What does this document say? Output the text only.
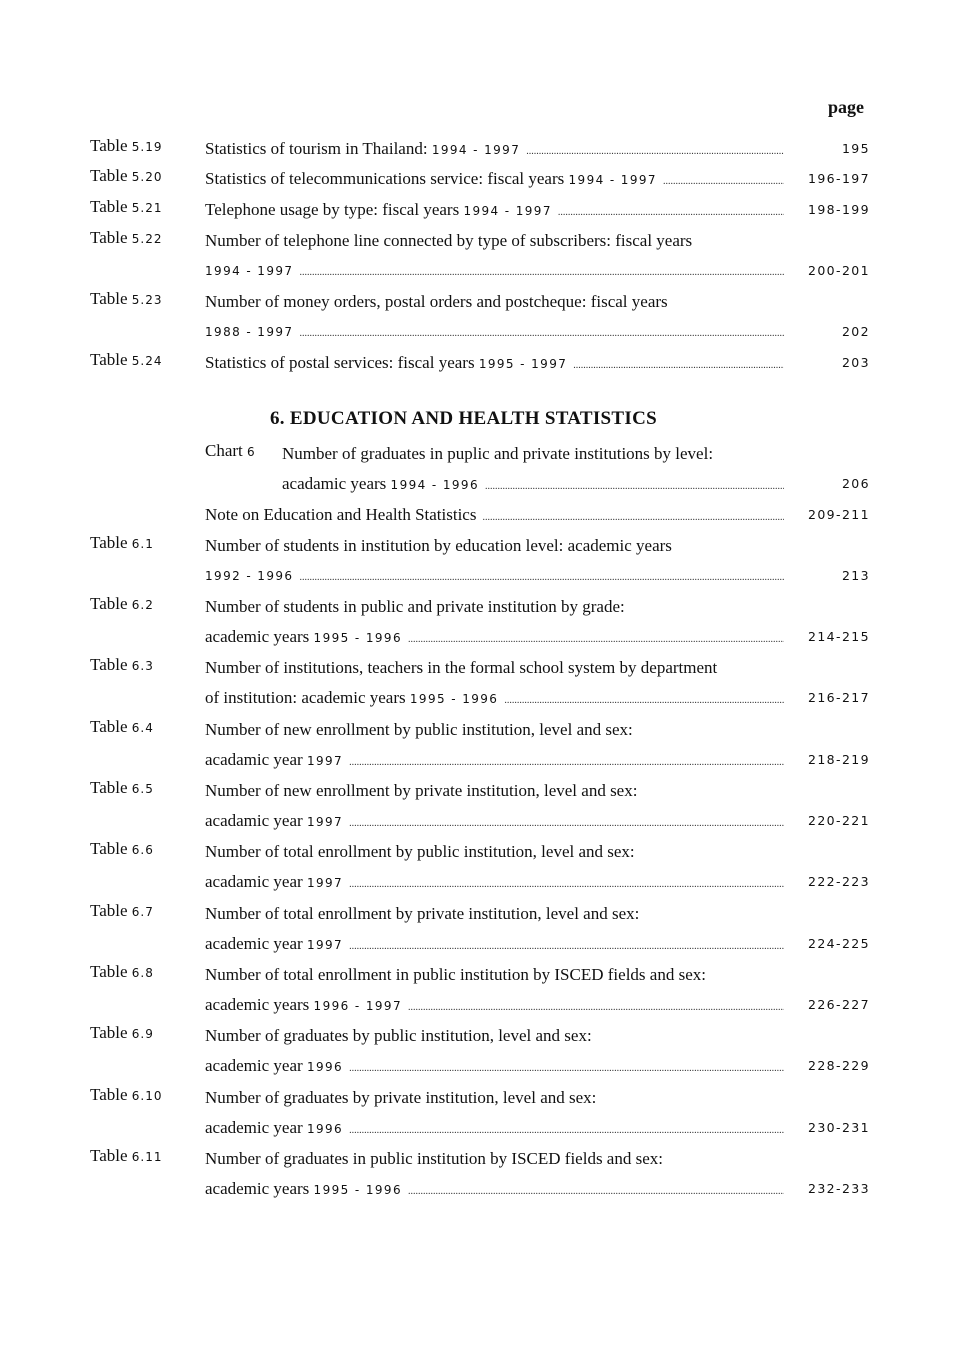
page
Table 5.19	Statistics of tourism in Thailand: 1994 - 1997 .....	195
Table 5.20	Statistics of telecommunications service: fiscal years 1994 - 1997 .....	196-197
Table 5.21	Telephone usage by type: fiscal years 1994 - 1997 .....	198-199
Table 5.22	Number of telephone line connected by type of subscribers: fiscal years
1994 - 1997 .....	200-201
Table 5.23	Number of money orders, postal orders and postcheque: fiscal years
1988 - 1997 .....	202
Table 5.24	Statistics of postal services: fiscal years 1995 - 1997 .....	203
6. EDUCATION AND HEALTH STATISTICS
Chart 6 Number of graduates in puplic and private institutions by level:
acadamic years 1994 - 1996 .....	206
Note on Education and Health Statistics .....	209-211
Table 6.1	Number of students in institution by education level: academic years
1992 - 1996 .....	213
Table 6.2	Number of students in public and private institution by grade:
academic years 1995 - 1996 .....	214-215
Table 6.3	Number of institutions, teachers in the formal school system by department
of institution: academic years 1995 - 1996 .....	216-217
Table 6.4	Number of new enrollment by public institution, level and sex:
acadamic year 1997 .....	218-219
Table 6.5	Number of new enrollment by private institution, level and sex:
acadamic year 1997 .....	220-221
Table 6.6	Number of total enrollment by public institution, level and sex:
acadamic year 1997 .....	222-223
Table 6.7	Number of total enrollment by private institution, level and sex:
academic year 1997 .....	224-225
Table 6.8	Number of total enrollment in public institution by ISCED fields and sex:
academic years 1996 - 1997 .....	226-227
Table 6.9	Number of graduates by public institution, level and sex:
academic year 1996 .....	228-229
Table 6.10	Number of graduates by private institution, level and sex:
academic year 1996 .....	230-231
Table 6.11	Number of graduates in public institution by ISCED fields and sex:
academic years 1995 - 1996 .....	232-233
